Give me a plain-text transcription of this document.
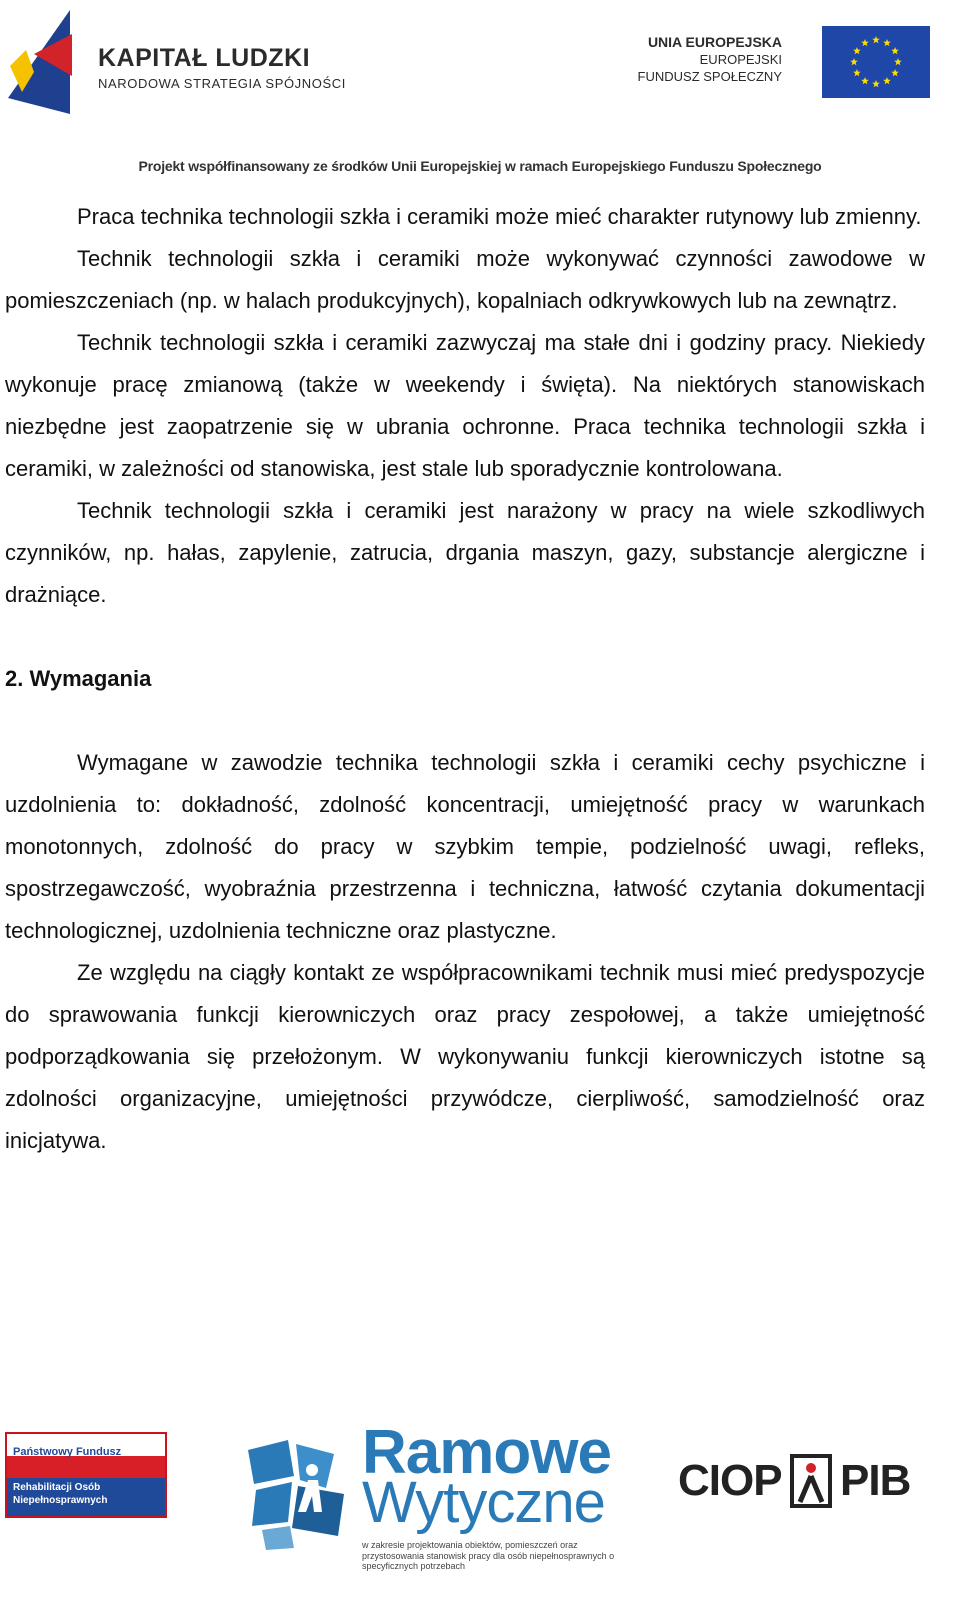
KAPITAŁ LUDZKI
NARODOWA STRATEGIA SPÓJNOŚCI
UNIA EUROPEJSKA
EUROPEJSKI
FUNDUSZ SPOŁECZNY
Projekt współfinansowany ze środków Unii Europejskiej w ramach Europejskiego Funduszu Społecznego

Praca technika technologii szkła i ceramiki może mieć charakter rutynowy lub zmienny.

Technik technologii szkła i ceramiki może wykonywać czynności zawodowe w pomieszczeniach (np. w halach produkcyjnych), kopalniach odkrywkowych lub na zewnątrz.

Technik technologii szkła i ceramiki zazwyczaj ma stałe dni i godziny pracy. Niekiedy wykonuje pracę zmianową (także w weekendy i święta). Na niektórych stanowiskach niezbędne jest zaopatrzenie się w ubrania ochronne. Praca technika technologii szkła i ceramiki, w zależności od stanowiska, jest stale lub sporadycznie kontrolowana.

Technik technologii szkła i ceramiki jest narażony w pracy na wiele szkodliwych czynników, np. hałas, zapylenie, zatrucia, drgania maszyn, gazy, substancje alergiczne i drażniące.

2. Wymagania

Wymagane w zawodzie technika technologii szkła i ceramiki cechy psychiczne i uzdolnienia to: dokładność, zdolność koncentracji, umiejętność pracy w warunkach monotonnych, zdolność do pracy w szybkim tempie, podzielność uwagi, refleks, spostrzegawczość, wyobraźnia przestrzenna i techniczna, łatwość czytania dokumentacji technologicznej, uzdolnienia techniczne oraz plastyczne.

Ze względu na ciągły kontakt ze współpracownikami technik musi mieć predyspozycje do sprawowania funkcji kierowniczych oraz pracy zespołowej, a także umiejętność podporządkowania się przełożonym. W wykonywaniu funkcji kierowniczych istotne są zdolności organizacyjne, umiejętności przywódcze, cierpliwość, samodzielność oraz inicjatywa.

Państwowy Fundusz
Rehabilitacji Osób
Niepełnosprawnych
Ramowe
Wytyczne
w zakresie projektowania obiektów, pomieszczeń oraz przystosowania stanowisk pracy dla osób niepełnosprawnych o specyficznych potrzebach
CIOP PIB
